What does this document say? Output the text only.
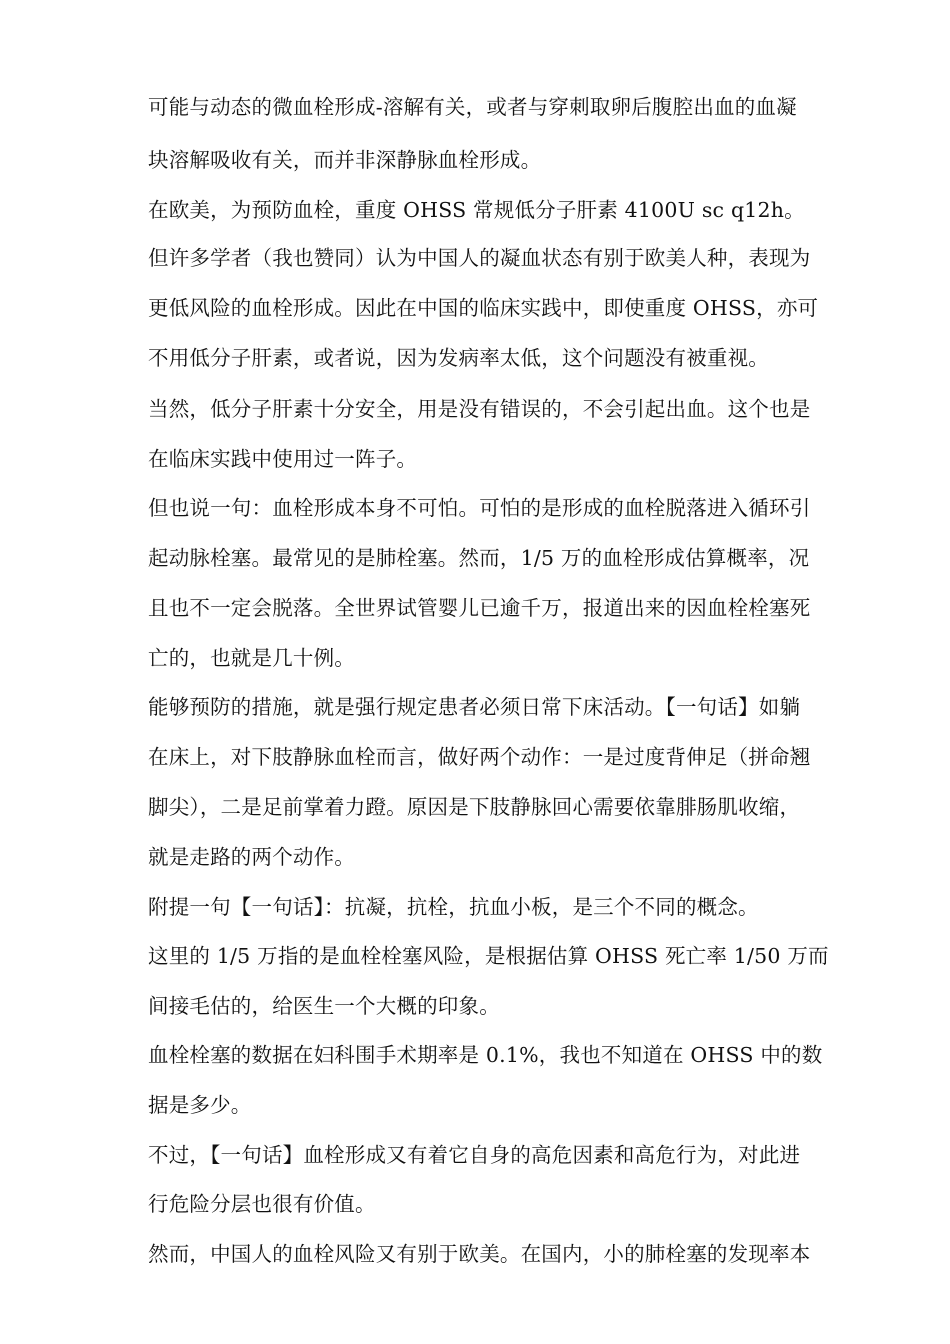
可能与动态的微血栓形成-溶解有关，或者与穿刺取卵后腹腔出血的血凝
块溶解吸收有关，而并非深静脉血栓形成。
在欧美，为预防血栓，重度 OHSS 常规低分子肝素 4100U sc q12h。
但许多学者（我也赞同）认为中国人的凝血状态有别于欧美人种，表现为
更低风险的血栓形成。因此在中国的临床实践中，即使重度 OHSS，亦可
不用低分子肝素，或者说，因为发病率太低，这个问题没有被重视。
当然，低分子肝素十分安全，用是没有错误的，不会引起出血。这个也是
在临床实践中使用过一阵子。
但也说一句：血栓形成本身不可怕。可怕的是形成的血栓脱落进入循环引
起动脉栓塞。最常见的是肺栓塞。然而，1/5 万的血栓形成估算概率，况
且也不一定会脱落。全世界试管婴儿已逾千万，报道出来的因血栓栓塞死
亡的，也就是几十例。
能够预防的措施，就是强行规定患者必须日常下床活动。【一句话】如躺
在床上，对下肢静脉血栓而言，做好两个动作：一是过度背伸足（拼命翘
脚尖），二是足前掌着力蹬。原因是下肢静脉回心需要依靠腓肠肌收缩，
就是走路的两个动作。
附提一句【一句话】：抗凝，抗栓，抗血小板，是三个不同的概念。
这里的 1/5 万指的是血栓栓塞风险，是根据估算 OHSS 死亡率 1/50 万而
间接毛估的，给医生一个大概的印象。
血栓栓塞的数据在妇科围手术期率是 0.1%，我也不知道在 OHSS 中的数
据是多少。
不过，【一句话】血栓形成又有着它自身的高危因素和高危行为，对此进
行危险分层也很有价值。
然而，中国人的血栓风险又有别于欧美。在国内，小的肺栓塞的发现率本
